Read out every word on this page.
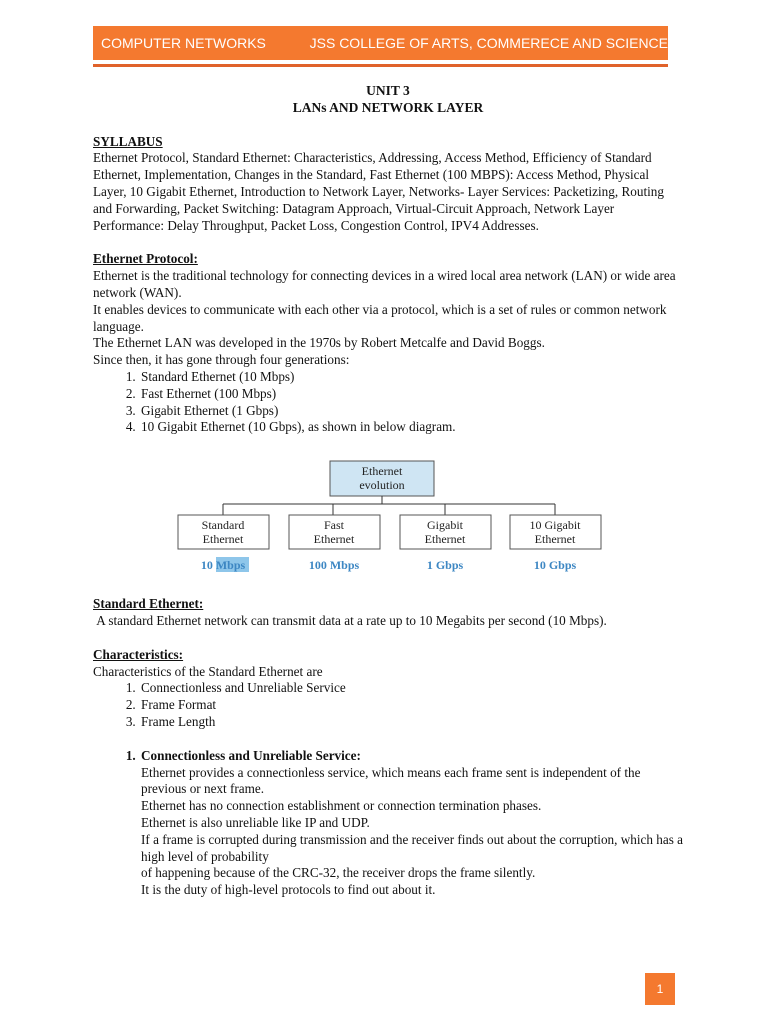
COMPUTER NETWORKS	JSS COLLEGE OF ARTS, COMMERECE AND SCIENCE
UNIT 3
LANs AND NETWORK LAYER
SYLLABUS

Ethernet Protocol, Standard Ethernet: Characteristics, Addressing, Access Method, Efficiency of Standard Ethernet, Implementation, Changes in the Standard, Fast Ethernet (100 MBPS): Access Method, Physical Layer, 10 Gigabit Ethernet, Introduction to Network Layer, Networks- Layer Services: Packetizing, Routing and Forwarding, Packet Switching: Datagram Approach, Virtual-Circuit Approach, Network Layer Performance: Delay Throughput, Packet Loss, Congestion Control, IPV4 Addresses.

Ethernet Protocol:

Ethernet is the traditional technology for connecting devices in a wired local area network (LAN) or wide area network (WAN).

It enables devices to communicate with each other via a protocol, which is a set of rules or common network language.

The Ethernet LAN was developed in the 1970s by Robert Metcalfe and David Boggs.

Since then, it has gone through four generations:

1. Standard Ethernet (10 Mbps)
2. Fast Ethernet (100 Mbps)
3. Gigabit Ethernet (1 Gbps)
4. 10 Gigabit Ethernet (10 Gbps), as shown in below diagram.
Ethernet
evolution
Standard
Ethernet
Fast
Ethernet
Gigabit
Ethernet
10 Gigabit
Ethernet
10 Mbps	100 Mbps	1 Gbps	10 Gbps
Standard Ethernet:

A standard Ethernet network can transmit data at a rate up to 10 Megabits per second (10 Mbps).

Characteristics:

Characteristics of the Standard Ethernet are

1. Connectionless and Unreliable Service
2. Frame Format
3. Frame Length
1. Connectionless and Unreliable Service:
Ethernet provides a connectionless service, which means each frame sent is independent of the previous or next frame.
Ethernet has no connection establishment or connection termination phases.
Ethernet is also unreliable like IP and UDP.
If a frame is corrupted during transmission and the receiver finds out about the corruption, which has a high level of probability
of happening because of the CRC-32, the receiver drops the frame silently.
It is the duty of high-level protocols to find out about it.
1
